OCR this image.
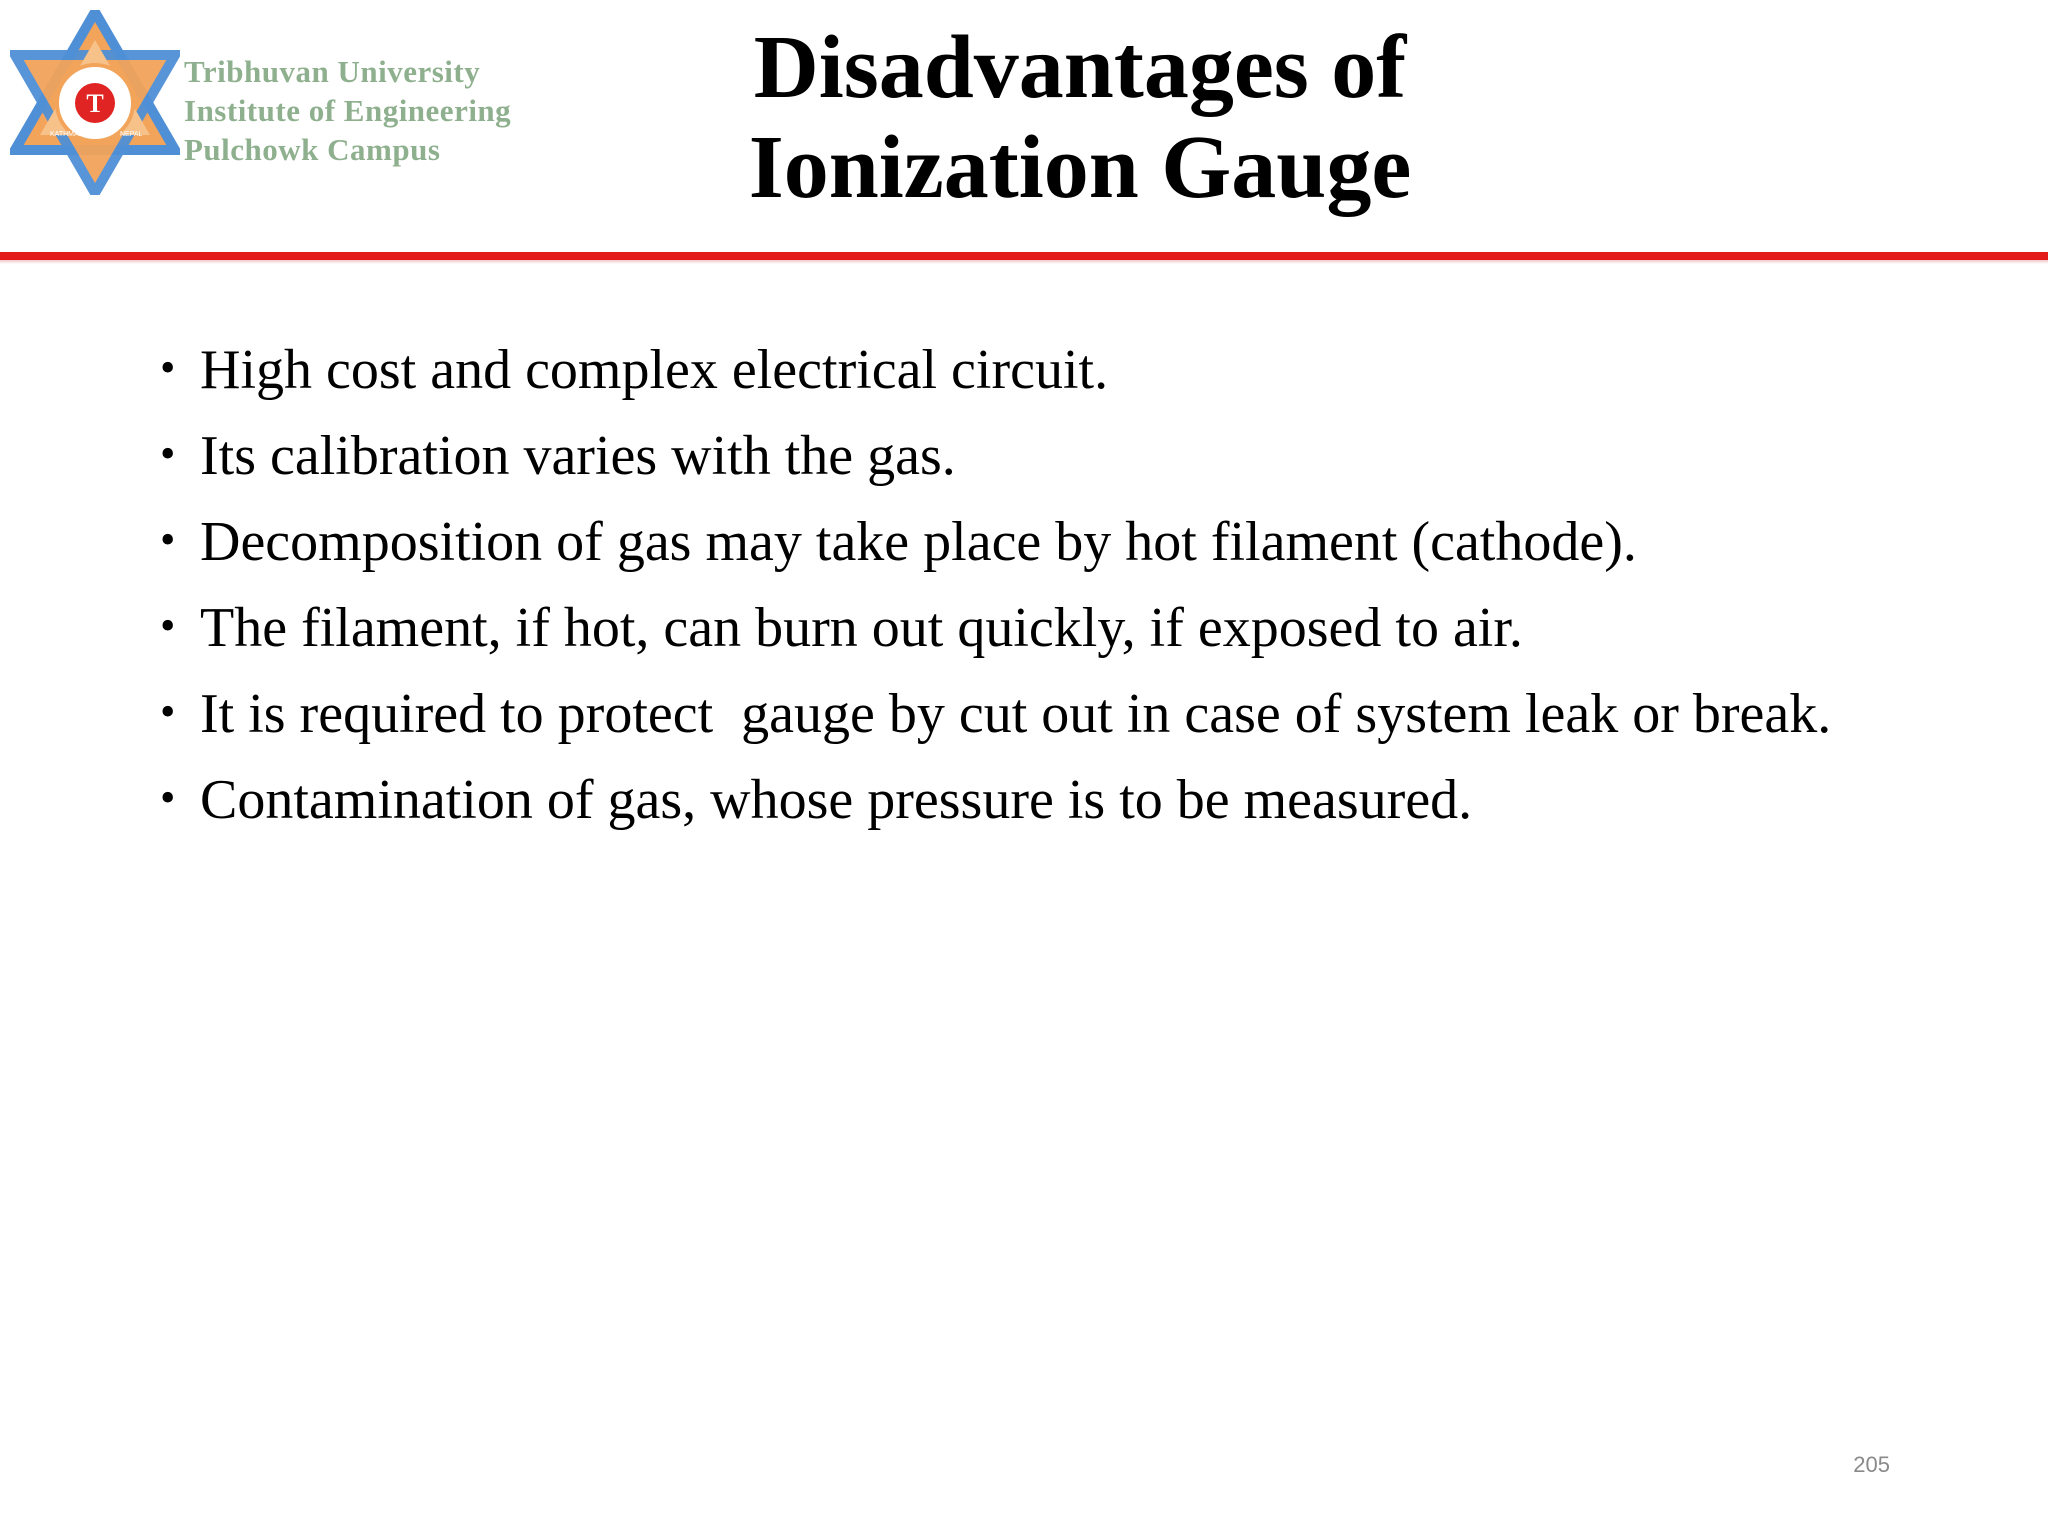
T
KATHMANDU	NEPAL
Tribhuvan University
Institute of Engineering
Pulchowk Campus
Disadvantages of
Ionization Gauge
• High cost and complex electrical circuit.
• Its calibration varies with the gas.
• Decomposition of gas may take place by hot filament (cathode).
• The filament, if hot, can burn out quickly, if exposed to air.
• It is required to protect  gauge by cut out in case of system leak or break.
• Contamination of gas, whose pressure is to be measured.
205
